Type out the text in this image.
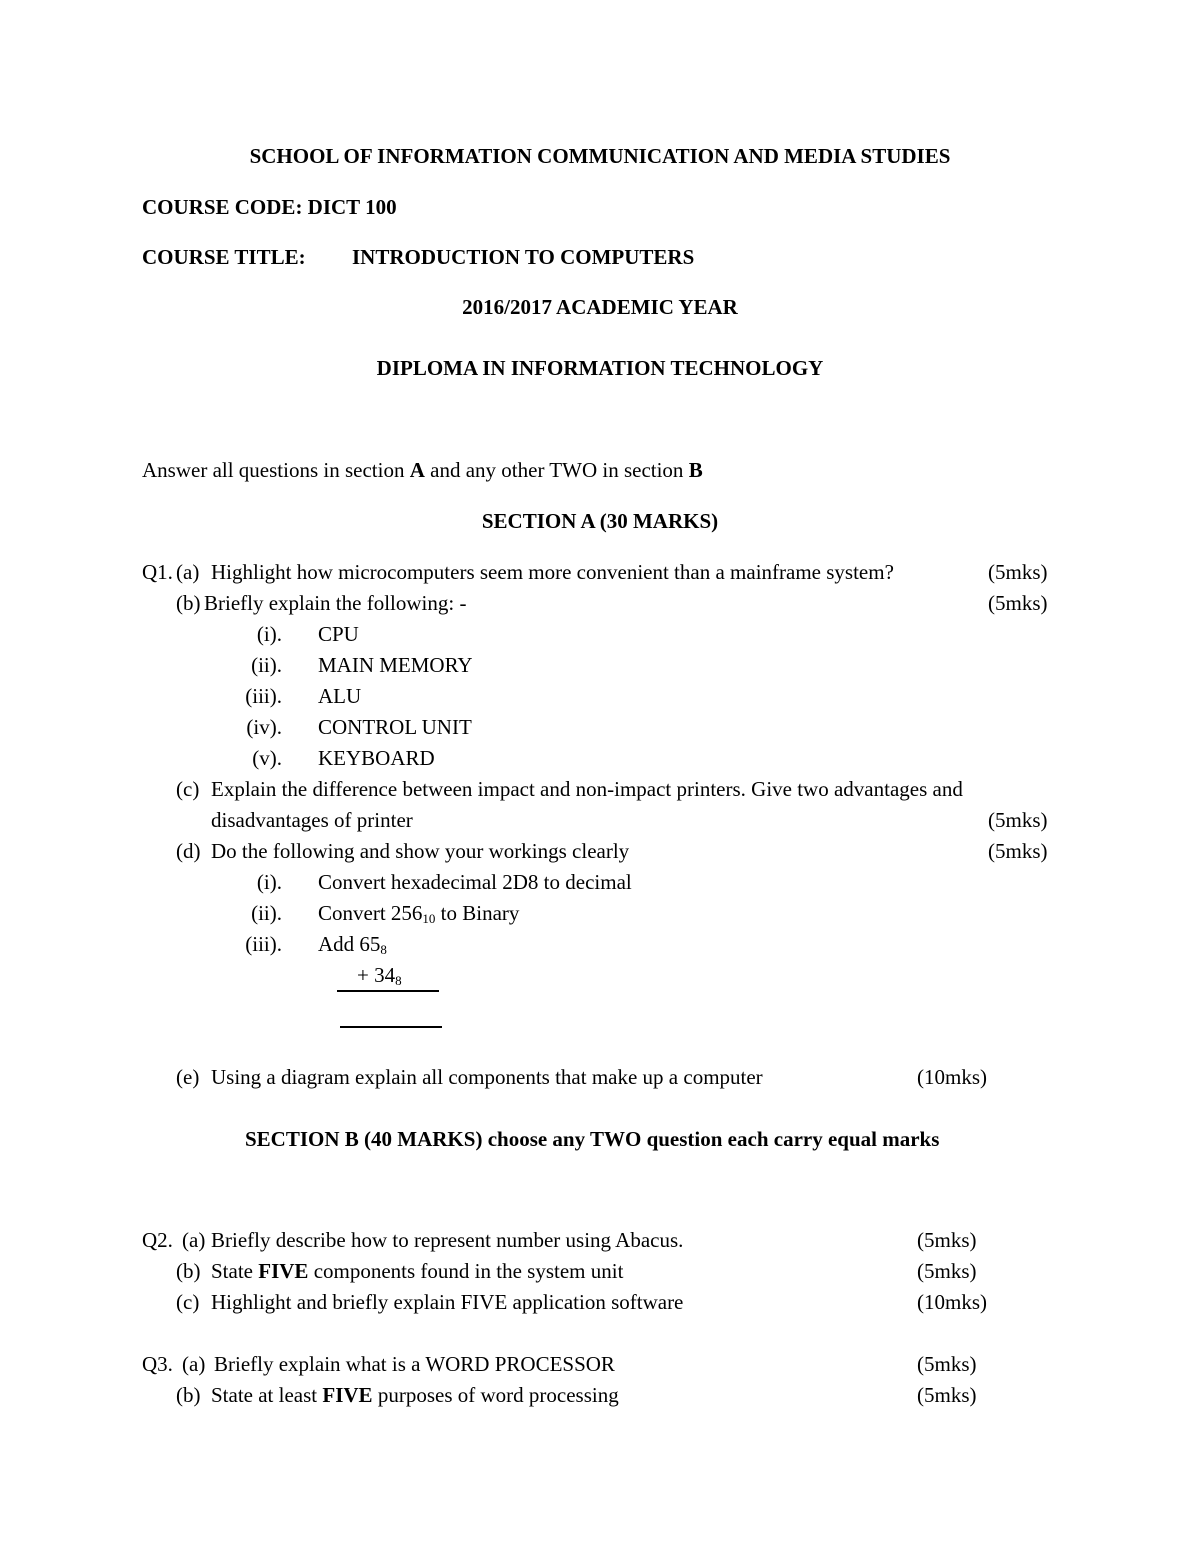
SCHOOL OF INFORMATION COMMUNICATION AND MEDIA STUDIES
COURSE CODE: DICT 100
COURSE TITLE: INTRODUCTION TO COMPUTERS
2016/2017 ACADEMIC YEAR
DIPLOMA IN INFORMATION TECHNOLOGY
Answer all questions in section A and any other TWO in section B
SECTION A (30 MARKS)
Q1. (a) Highlight how microcomputers seem more convenient than a mainframe system?	(5mks)
(b) Briefly explain the following: -	(5mks)
(i). CPU
(ii). MAIN MEMORY
(iii). ALU
(iv). CONTROL UNIT
(v). KEYBOARD
(c) Explain the difference between impact and non-impact printers. Give two advantages and
disadvantages of printer	(5mks)
(d) Do the following and show your workings clearly	(5mks)
(i). Convert hexadecimal 2D8 to decimal
(ii). Convert $256_{10}$ to Binary
(iii). Add $65_8$
+ $34_8$
(e) Using a diagram explain all components that make up a computer	(10mks)
SECTION B (40 MARKS) choose any TWO question each carry equal marks
Q2. (a) Briefly describe how to represent number using Abacus.	(5mks)
(b) State FIVE components found in the system unit	(5mks)
(c) Highlight and briefly explain FIVE application software	(10mks)
Q3. (a) Briefly explain what is a WORD PROCESSOR	(5mks)
(b) State at least FIVE purposes of word processing	(5mks)
